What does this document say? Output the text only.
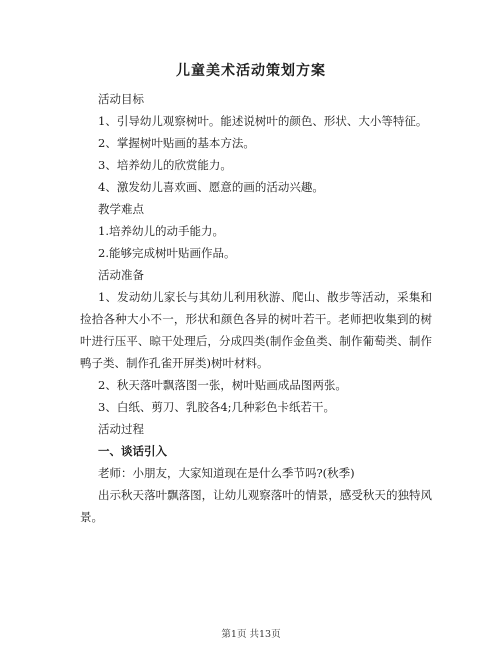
儿童美术活动策划方案
活动目标
1、引导幼儿观察树叶。能述说树叶的颜色、形状、大小等特征。
2、掌握树叶贴画的基本方法。
3、培养幼儿的欣赏能力。
4、激发幼儿喜欢画、愿意的画的活动兴趣。
教学难点
1.培养幼儿的动手能力。
2.能够完成树叶贴画作品。
活动准备
1、发动幼儿家长与其幼儿利用秋游、爬山、散步等活动，采集和捡拾各种大小不一，形状和颜色各异的树叶若干。老师把收集到的树叶进行压平、晾干处理后，分成四类(制作金鱼类、制作葡萄类、制作鸭子类、制作孔雀开屏类)树叶材料。
2、秋天落叶飘落图一张，树叶贴画成品图两张。
3、白纸、剪刀、乳胶各4;几种彩色卡纸若干。
活动过程
一、谈话引入
老师：小朋友，大家知道现在是什么季节吗?(秋季)
出示秋天落叶飘落图，让幼儿观察落叶的情景，感受秋天的独特风景。
第1页 共13页
